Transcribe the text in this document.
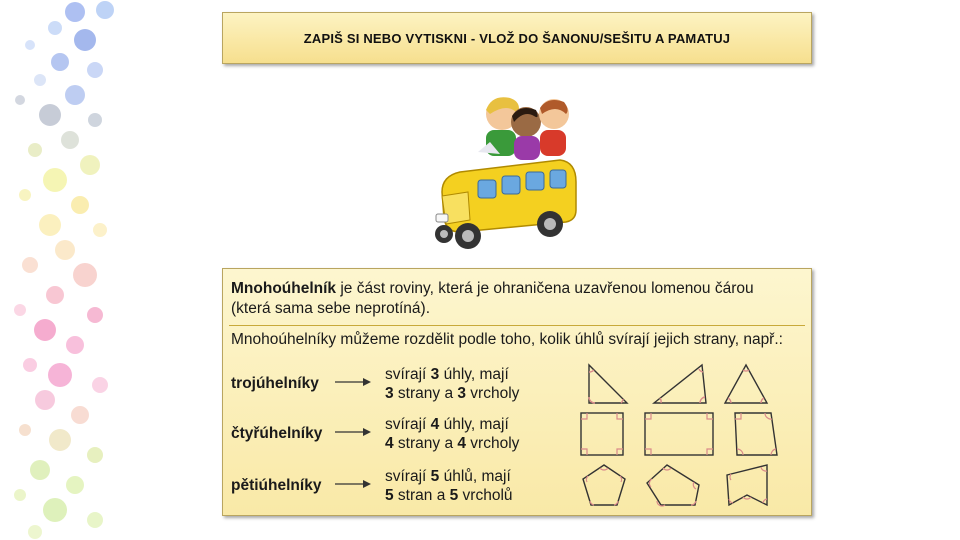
ZAPIŠ SI NEBO VYTISKNI - VLOŽ DO ŠANONU/SEŠITU A PAMATUJ
Mnohoúhelník je část roviny, která je ohraničena uzavřenou lomenou čárou
(která sama sebe neprotíná).
Mnohoúhelníky můžeme rozdělit podle toho, kolik úhlů svírají jejich strany, např.:
trojúhelníky
svírají 3 úhly, mají
3 strany a 3 vrcholy
čtyřúhelníky
svírají 4 úhly, mají
4 strany a 4 vrcholy
pětiúhelníky
svírají 5 úhlů, mají
5 stran a 5 vrcholů
